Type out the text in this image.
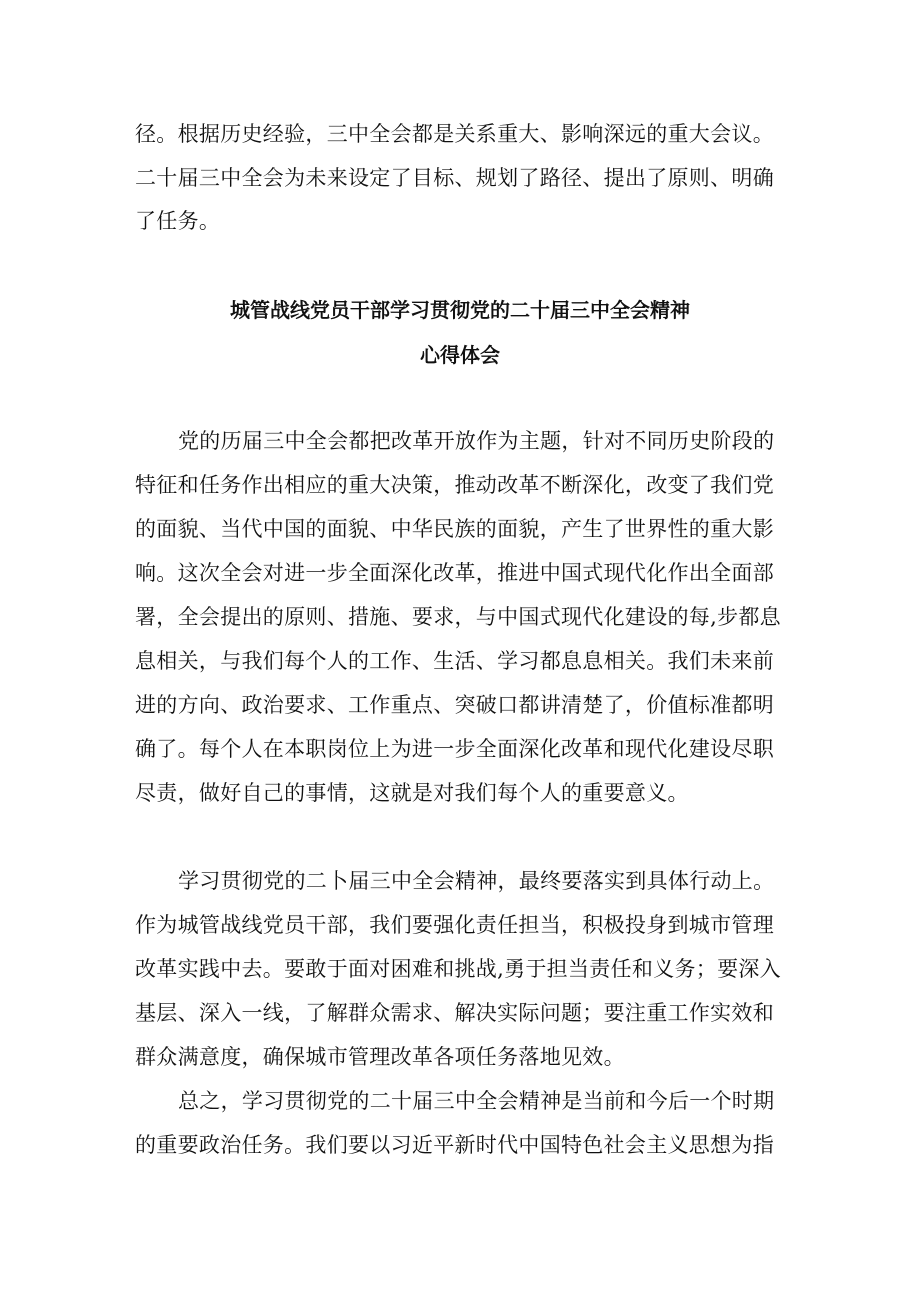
径。根据历史经验，三中全会都是关系重大、影响深远的重大会议。
二十届三中全会为未来设定了目标、规划了路径、提出了原则、明确
了任务。
城管战线党员干部学习贯彻党的二十届三中全会精神
心得体会
党的历届三中全会都把改革开放作为主题，针对不同历史阶段的
特征和任务作出相应的重大决策，推动改革不断深化，改变了我们党
的面貌、当代中国的面貌、中华民族的面貌，产生了世界性的重大影
响。这次全会对进一步全面深化改革，推进中国式现代化作出全面部
署，全会提出的原则、措施、要求，与中国式现代化建设的每,步都息
息相关，与我们每个人的工作、生活、学习都息息相关。我们未来前
进的方向、政治要求、工作重点、突破口都讲清楚了，价值标准都明
确了。每个人在本职岗位上为进一步全面深化改革和现代化建设尽职
尽责，做好自己的事情，这就是对我们每个人的重要意义。
学习贯彻党的二卜届三中全会精神，最终要落实到具体行动上。
作为城管战线党员干部，我们要强化责任担当，积极投身到城市管理
改革实践中去。要敢于面对困难和挑战,勇于担当责任和义务；要深入
基层、深入一线，了解群众需求、解决实际问题；要注重工作实效和
群众满意度，确保城市管理改革各项任务落地见效。
总之，学习贯彻党的二十届三中全会精神是当前和今后一个时期
的重要政治任务。我们要以习近平新时代中国特色社会主义思想为指
